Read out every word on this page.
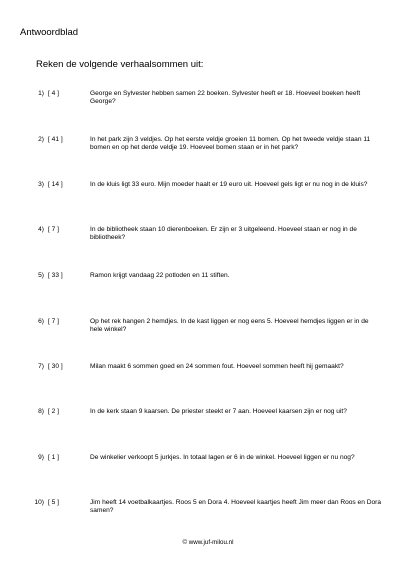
Antwoordblad
Reken de volgende verhaalsommen uit:
1) [ 4 ]	George en Sylvester hebben samen 22 boeken. Sylvester heeft er 18. Hoeveel boeken heeft George?
2) [ 41 ]	In het park zijn 3 veldjes. Op het eerste veldje groeien 11 bomen. Op het tweede veldje staan 11 bomen en op het derde veldje 19. Hoeveel bomen staan er in het park?
3) [ 14 ]	In de kluis ligt 33 euro. Mijn moeder haalt er 19 euro uit. Hoeveel gels ligt er nu nog in de kluis?
4) [ 7 ]	In de bibliotheek staan 10 dierenboeken. Er zijn er 3 uitgeleend. Hoeveel staan er nog in de bibliotheek?
5) [ 33 ]	Ramon krijgt vandaag 22 potloden en 11 stiften.
6) [ 7 ]	Op het rek hangen 2 hemdjes. In de kast liggen er nog eens 5. Hoeveel hemdjes liggen er in de hele winkel?
7) [ 30 ]	Milan maakt 6 sommen goed en 24 sommen fout. Hoeveel sommen heeft hij gemaakt?
8) [ 2 ]	In de kerk staan 9 kaarsen. De priester steekt er 7 aan. Hoeveel kaarsen zijn er nog uit?
9) [ 1 ]	De winkelier verkoopt 5 jurkjes. In totaal lagen er 6 in de winkel. Hoeveel liggen er nu nog?
10) [ 5 ]	Jim heeft 14 voetbalkaartjes. Roos 5 en Dora 4. Hoeveel kaartjes heeft Jim meer dan Roos en Dora samen?
© www.juf-milou.nl
